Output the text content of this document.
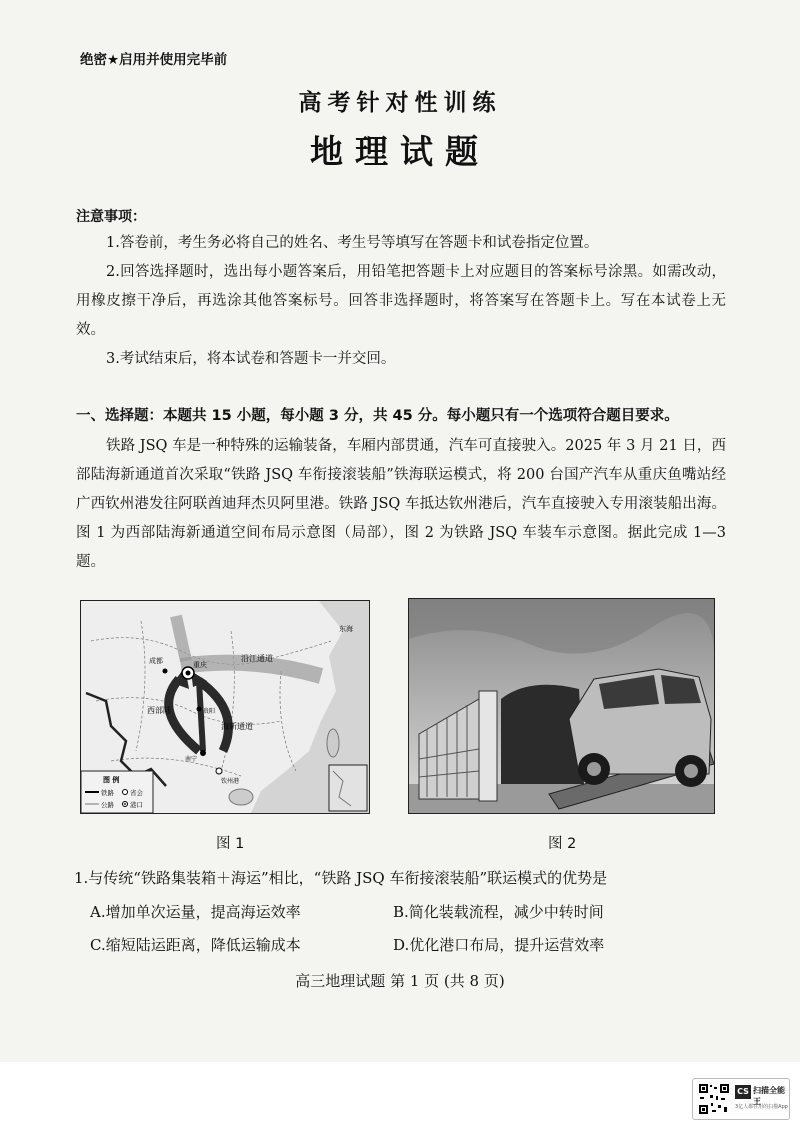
绝密★启用并使用完毕前
高考针对性训练
地理试题
注意事项：
1.答卷前，考生务必将自己的姓名、考生号等填写在答题卡和试卷指定位置。
2.回答选择题时，选出每小题答案后，用铅笔把答题卡上对应题目的答案标号涂黑。如需改动，用橡皮擦干净后，再选涂其他答案标号。回答非选择题时，将答案写在答题卡上。写在本试卷上无效。
3.考试结束后，将本试卷和答题卡一并交回。
一、选择题：本题共 15 小题，每小题 3 分，共 45 分。每小题只有一个选项符合题目要求。
铁路 JSQ 车是一种特殊的运输装备，车厢内部贯通，汽车可直接驶入。2025 年 3 月 21 日，西部陆海新通道首次采取“铁路 JSQ 车衔接滚装船”铁海联运模式，将 200 台国产汽车从重庆鱼嘴站经广西钦州港发往阿联酋迪拜杰贝阿里港。铁路 JSQ 车抵达钦州港后，汽车直接驶入专用滚装船出海。图 1 为西部陆海新通道空间布局示意图（局部），图 2 为铁路 JSQ 车装车示意图。据此完成 1—3 题。
成都	重庆
西部陆
海新通道
沿江通道
东海
钦州港
南宁
贵阳
图 例
铁路 省会
公路 港口
图 1	图 2
1.与传统“铁路集装箱＋海运”相比，“铁路 JSQ 车衔接滚装船”联运模式的优势是
A.增加单次运量，提高海运效率	B.简化装载流程，减少中转时间
C.缩短陆运距离，降低运输成本	D.优化港口布局，提升运营效率
高三地理试题 第 1 页 (共 8 页)
CS 扫描全能王
3亿人都在用的扫描App
